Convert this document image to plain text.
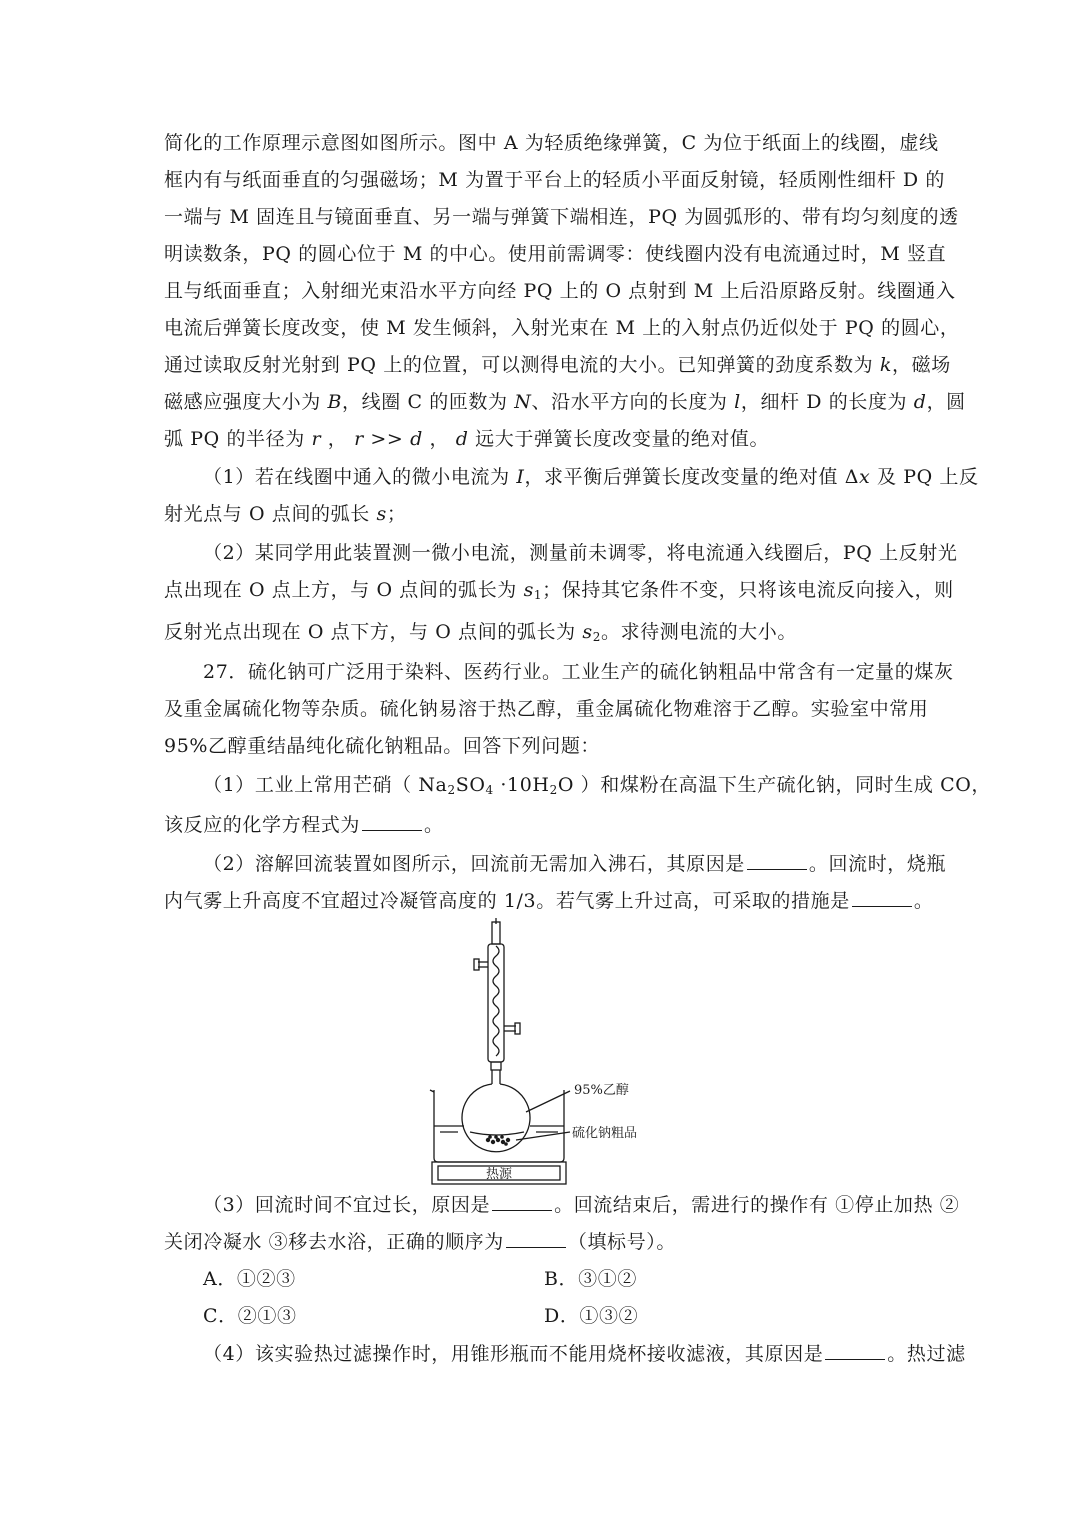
简化的工作原理示意图如图所示。图中 A 为轻质绝缘弹簧，C 为位于纸面上的线圈，虚线
框内有与纸面垂直的匀强磁场；M 为置于平台上的轻质小平面反射镜，轻质刚性细杆 D 的
一端与 M 固连且与镜面垂直、另一端与弹簧下端相连，PQ 为圆弧形的、带有均匀刻度的透
明读数条，PQ 的圆心位于 M 的中心。使用前需调零：使线圈内没有电流通过时，M 竖直
且与纸面垂直；入射细光束沿水平方向经 PQ 上的 O 点射到 M 上后沿原路反射。线圈通入
电流后弹簧长度改变，使 M 发生倾斜，入射光束在 M 上的入射点仍近似处于 PQ 的圆心，
通过读取反射光射到 PQ 上的位置，可以测得电流的大小。已知弹簧的劲度系数为 k，磁场
磁感应强度大小为 B，线圈 C 的匝数为 N、沿水平方向的长度为 l，细杆 D 的长度为 d，圆
弧 PQ 的半径为 r ， r >> d ， d 远大于弹簧长度改变量的绝对值。
（1）若在线圈中通入的微小电流为 I，求平衡后弹簧长度改变量的绝对值 Δx 及 PQ 上反
射光点与 O 点间的弧长 s；
（2）某同学用此装置测一微小电流，测量前未调零，将电流通入线圈后，PQ 上反射光
点出现在 O 点上方，与 O 点间的弧长为 $s_1$；保持其它条件不变，只将该电流反向接入，则
反射光点出现在 O 点下方，与 O 点间的弧长为 $s_2$。求待测电流的大小。
27．硫化钠可广泛用于染料、医药行业。工业生产的硫化钠粗品中常含有一定量的煤灰
及重金属硫化物等杂质。硫化钠易溶于热乙醇，重金属硫化物难溶于乙醇。实验室中常用
95%乙醇重结晶纯化硫化钠粗品。回答下列问题：
（1）工业上常用芒硝（ $Na_2SO_4 \cdot 10H_2O$ ）和煤粉在高温下生产硫化钠，同时生成 CO，
该反应的化学方程式为	。
（2）溶解回流装置如图所示，回流前无需加入沸石，其原因是	。回流时，烧瓶
内气雾上升高度不宜超过冷凝管高度的 1/3。若气雾上升过高，可采取的措施是	。
95%乙醇
硫化钠粗品
热源
（3）回流时间不宜过长，原因是	。回流结束后，需进行的操作有 ①停止加热 ②
关闭冷凝水 ③移去水浴，正确的顺序为	（填标号）。
A．①②③	B．③①②
C．②①③	D．①③②
（4）该实验热过滤操作时，用锥形瓶而不能用烧杯接收滤液，其原因是	。热过滤
